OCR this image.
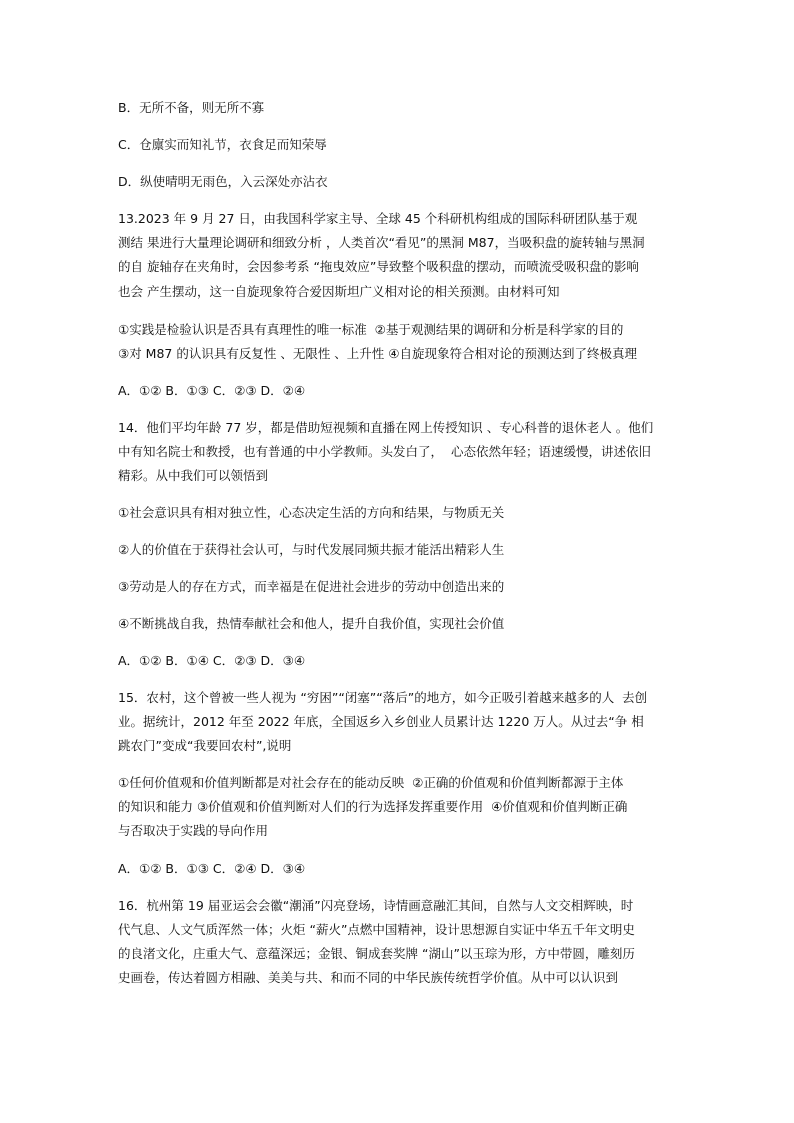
B．无所不备，则无所不寡
C．仓廪实而知礼节，衣食足而知荣辱
D．纵使晴明无雨色，入云深处亦沾衣
13.2023 年 9 月 27 日，由我国科学家主导、全球 45 个科研机构组成的国际科研团队基于观
测结 果进行大量理论调研和细致分析 ，人类首次“看见”的黑洞 M87，当吸积盘的旋转轴与黑洞
的自 旋轴存在夹角时，会因参考系 “拖曳效应”导致整个吸积盘的摆动，而喷流受吸积盘的影响
也会 产生摆动，这一自旋现象符合爱因斯坦广义相对论的相关预测。由材料可知
①实践是检验认识是否具有真理性的唯一标准  ②基于观测结果的调研和分析是科学家的目的
③对 M87 的认识具有反复性 、无限性 、上升性 ④自旋现象符合相对论的预测达到了终极真理
A．①② B．①③ C．②③ D．②④
14．他们平均年龄 77 岁，都是借助短视频和直播在网上传授知识 、专心科普的退休老人 。他们
中有知名院士和教授，也有普通的中小学教师。头发白了，  心态依然年轻；语速缓慢，讲述依旧
精彩。从中我们可以领悟到
①社会意识具有相对独立性，心态决定生活的方向和结果，与物质无关
②人的价值在于获得社会认可，与时代发展同频共振才能活出精彩人生
③劳动是人的存在方式，而幸福是在促进社会进步的劳动中创造出来的
④不断挑战自我，热情奉献社会和他人，提升自我价值，实现社会价值
A．①② B．①④ C．②③ D．③④
15．农村，这个曾被一些人视为 “穷困”“闭塞”“落后”的地方，如今正吸引着越来越多的人  去创
业。据统计，2012 年至 2022 年底，全国返乡入乡创业人员累计达 1220 万人。从过去“争 相
跳农门”变成“我要回农村”,说明
①任何价值观和价值判断都是对社会存在的能动反映  ②正确的价值观和价值判断都源于主体
的知识和能力 ③价值观和价值判断对人们的行为选择发挥重要作用  ④价值观和价值判断正确
与否取决于实践的导向作用
A．①② B．①③ C．②④ D．③④
16．杭州第 19 届亚运会会徽“潮涌”闪亮登场，诗情画意融汇其间，自然与人文交相辉映，时
代气息、人文气质浑然一体；火炬 “薪火”点燃中国精神，设计思想源自实证中华五千年文明史
的良渚文化，庄重大气、意蕴深远；金银、铜成套奖牌 “湖山”以玉琮为形，方中带圆，雕刻历
史画卷，传达着圆方相融、美美与共、和而不同的中华民族传统哲学价值。从中可以认识到
